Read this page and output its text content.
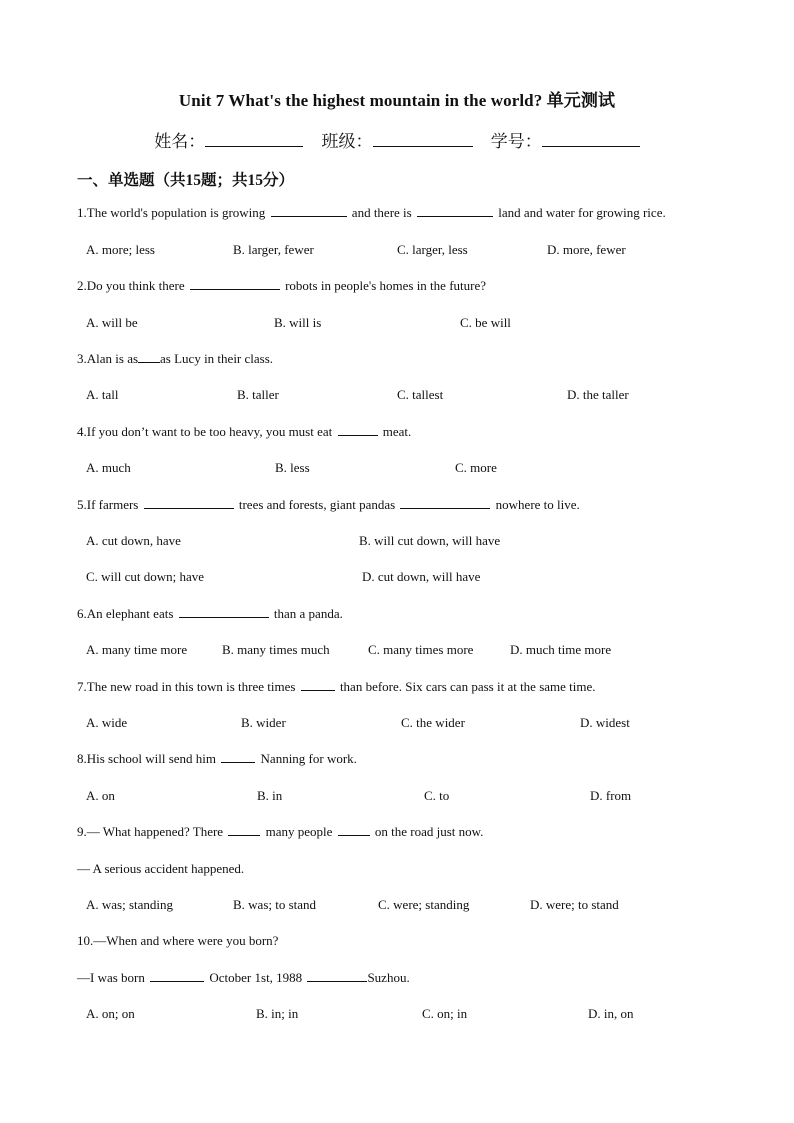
Unit 7 What's the highest mountain in the world? 单元测试
姓名：	班级：	学号：
一、单选题（共15题；共15分）
1.The world's population is growing	and there is	land and water for growing rice.
A. more; less	B. larger, fewer	C. larger, less	D. more, fewer
2.Do you think there	robots in people's homes in the future?
A. will be	B. will is	C. be will
3.Alan is as as Lucy in their class.
A. tall	B. taller	C. tallest	D. the taller
4.If you don’t want to be too heavy, you must eat	meat.
A. much	B. less	C. more
5.If farmers	trees and forests, giant pandas	nowhere to live.
A. cut down, have	B. will cut down, will have
C. will cut down; have	D. cut down, will have
6.An elephant eats	than a panda.
A. many time more	B. many times much	C. many times more	D. much time more
7.The new road in this town is three times	than before. Six cars can pass it at the same time.
A. wide	B. wider	C. the wider	D. widest
8.His school will send him	Nanning for work.
A. on	B. in	C. to	D. from
9.— What happened? There	many people	on the road just now.
— A serious accident happened.
A. was; standing	B. was; to stand	C. were; standing	D. were; to stand
10.—When and where were you born?
—I was born	October 1st, 1988	Suzhou.
A. on; on	B. in; in	C. on; in	D. in, on
